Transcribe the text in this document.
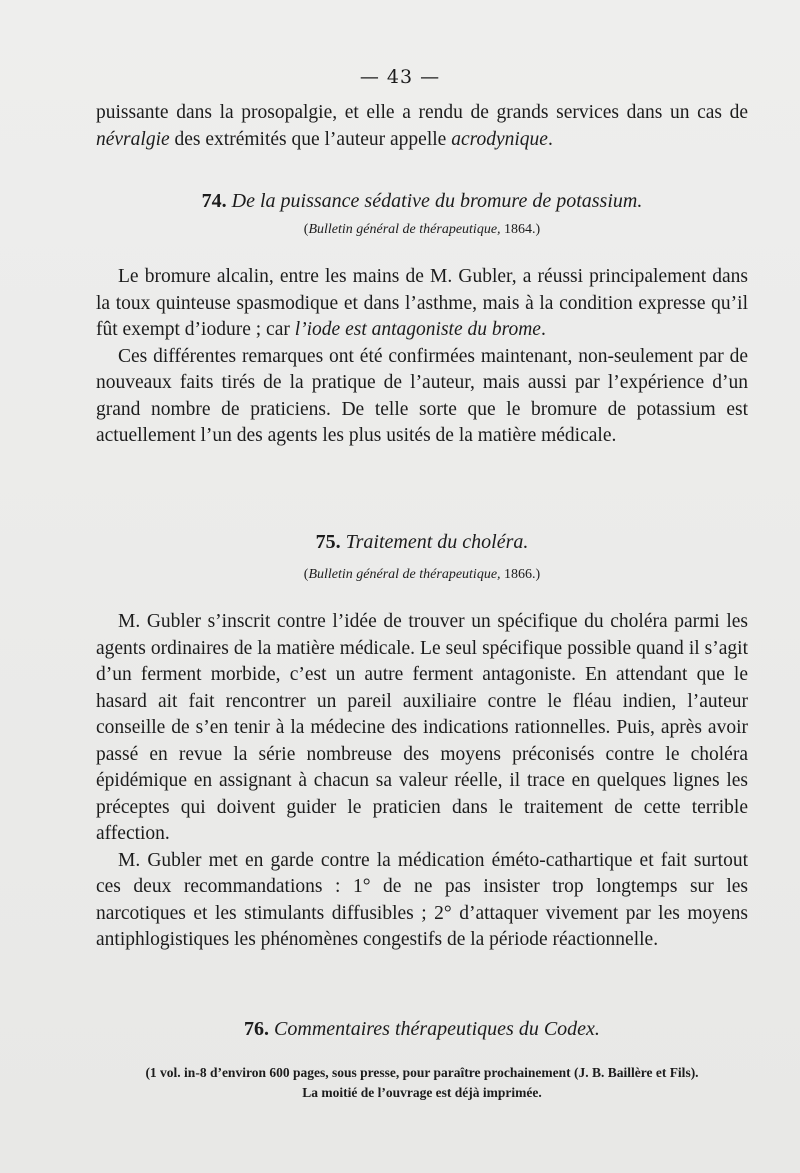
— 43 —

puissante dans la prosopalgie, et elle a rendu de grands services dans un cas de névralgie des extrémités que l’auteur appelle acrodynique.

74. De la puissance sédative du bromure de potassium.
(Bulletin général de thérapeutique, 1864.)

Le bromure alcalin, entre les mains de M. Gubler, a réussi principalement dans la toux quinteuse spasmodique et dans l’asthme, mais à la condition expresse qu’il fût exempt d’iodure ; car l’iode est antagoniste du brome.

Ces différentes remarques ont été confirmées maintenant, non-seulement par de nouveaux faits tirés de la pratique de l’auteur, mais aussi par l’expérience d’un grand nombre de praticiens. De telle sorte que le bromure de potassium est actuellement l’un des agents les plus usités de la matière médicale.

75. Traitement du choléra.
(Bulletin général de thérapeutique, 1866.)

M. Gubler s’inscrit contre l’idée de trouver un spécifique du choléra parmi les agents ordinaires de la matière médicale. Le seul spécifique possible quand il s’agit d’un ferment morbide, c’est un autre ferment antagoniste. En attendant que le hasard ait fait rencontrer un pareil auxiliaire contre le fléau indien, l’auteur conseille de s’en tenir à la médecine des indications rationnelles. Puis, après avoir passé en revue la série nombreuse des moyens préconisés contre le choléra épidémique en assignant à chacun sa valeur réelle, il trace en quelques lignes les préceptes qui doivent guider le praticien dans le traitement de cette terrible affection.

M. Gubler met en garde contre la médication éméto-cathartique et fait surtout ces deux recommandations : 1° de ne pas insister trop longtemps sur les narcotiques et les stimulants diffusibles ; 2° d’attaquer vivement par les moyens antiphlogistiques les phénomènes congestifs de la période réactionnelle.

76. Commentaires thérapeutiques du Codex.
(1 vol. in-8 d’environ 600 pages, sous presse, pour paraître prochainement (J. B. Baillère et Fils).
La moitié de l’ouvrage est déjà imprimée.
